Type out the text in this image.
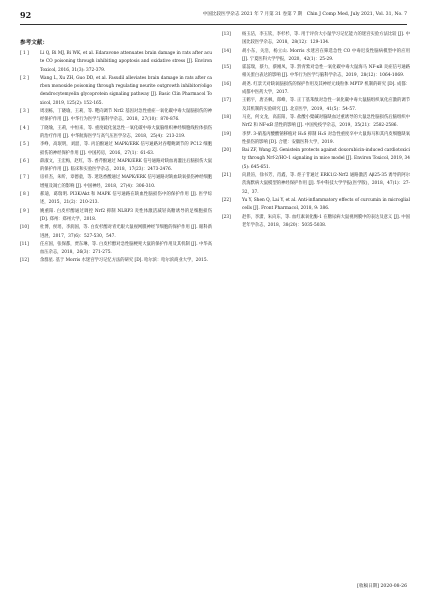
92	中国比较医学杂志 2021 年 7 月第 31 卷第 7 期　Chin J Comp Med, July 2021, Vol. 31, No. 7
参考文献：

[ 1 ]	Li Q, Bi MJ, Bi WK, et al. Edaravone attenuates brain damage in rats after acute CO poisoning through inhibiting apoptosis and oxidative stress [J]. Environ Toxicol, 2016, 31(3): 372-379.

[ 2 ]	Wang L, Xu ZH, Guo DD, et al. Fasudil alleviates brain damage in rats after carbon monoxide poisoning through regulating neurite outgrowth inhibitor/oligodendrocytemyelin glycoprotein signaling pathway [J]. Basic Clin Pharmacol Toxicol, 2019, 125(2): 152-165.

[ 3 ]	周羽栋，丁晓瑜，王莉，等. 靶向调节 Nrf2 基因对急性重症一氧化碳中毒大鼠脑损伤的神经保护作用 [J]. 中华行为医学与脑科学杂志，2018，27(10)：870-876.

[ 4 ]	丁晓瑜，王莉，中恒来，等. 重度硫化氢急性一氧化碳中毒大鼠脑组织神经细胞线粒体损伤的治疗作用 [J]. 中华航海医学与高气压医学杂志，2018，25(4)：213-219.

[ 5 ]	李峥，高珉明，刘韶，等. 丙泊酚通过 MAPK/ERK 信号通路对吞噬鲍调节的 PC12 细胞损伤的神经保护作用 [J]. 中国药房，2016，27(1)：61-63.

[ 6 ]	薛淑文，王宏梅，赵红，等. 香芹酚通过 MAPK/ERK 信号通路对缺血再灌注后脑损伤大鼠的保护作用 [J]. 临床和实验医学杂志，2018，17(23)：2473-2476.

[ 7 ]	房祥杰，朱昕，章德童，等. 迷迭香酸通过 MAPK/ERK 信号通路对缺血缺氧损伤神经细胞增殖及凋亡的影响 [J]. 中国神经，2018，27(4)：306-310.

[ 8 ]	郝迪，葛瑞明. PI3K/Akt 和 MAPK 信号通路在缺血性脑损伤中的保护作用 [J]. 医学综述，2015，21(2)：210-213.

[ 9 ]	姚重阳. 白皮杉醇通过调控 Nrf2 抑制 NLRP3 炎性体激活减轻高糖诱导的足细胞损伤 [D]. 郑州：郑州大学，2018.

[10]	杜博，侯瑶，李润国，等. 白皮杉醇对青光眼大鼠视网膜神经节细胞的保护作用 [J]. 眼科新进展，2017，37(6)：527-530，547.

[11]	任应国，张保都，贾东琳，等. 白皮杉醇对急性脑梗死大鼠的保护作用及其机制 [J]. 中华高血压杂志，2018，26(3)：271-275.

[12]	余群星. 基于 Morris 水迷宫学习记忆方法的研究 [D]. 哈尔滨：哈尔滨商业大学，2015.

[13]	杨玉洁，李玉钦，李杉杉，等. 用于评价大小鼠学习记忆能力的迷宫实验方法比较 [J]. 中国比较医学杂志，2018，28(12)：129-134.

[14]	胡小东，关浩，杨立山. Morris 水迷宫在筛选急性 CO 中毒迟发性脑病模型中的应用 [J]. 宁夏医科大学学报，2020，42(1)：25-29.

[15]	霍蕊瑞，蔡力，蔡刚凤，等. 黔青紫对急性一氧化碳中毒大鼠海马 NF-κB 炎症信号通路相关蛋白表达的影响 [J]. 中华行为医学与脑科学杂志，2019，28(12)：1064-1069.

[16]	胡尧. 红景天对缺氧脑损伤的保护作用及其神经元线粒体 MPTP 机制的研究 [D]. 成都：成都中医药大学，2017.

[17]	王鹤宇，唐圣枫，郑峰，等. 正丁基苯酞对急性一氧化碳中毒大鼠脑组织氧化应激的调节及其机制的实验研究 [J]. 北京医学，2019，41(5)：54-57.

[18]	马克，何文龙，高雷阳，等. 盐酸小檗碱对脑缺血过重诱导的大鼠急性脑损伤后脑组织中 Nrf2 和 NF-κB 活性的影响 [J]. 中国免疫学杂志，2019，35(21)：2582-2586.

[19]	李梦. 3-硝基丙酸酸钠移植对 H₂S 抑制 H₂S 对急性重度卒中大鼠海马和其内皮细胞缺氧性损伤的影响 [D]. 合肥：安徽医科大学，2019.

[20]	Bai ZF, Wang ZJ. Genistein protects against doxorubicin-induced cardiotoxicity through Nrf-2/HO-1 signaling in mice model [J]. Environ Toxicol, 2019, 34(5): 645-651.

[21]	向晨渲，徐书芳，肖鑫，等. 炬子苷通过 ERK1/2-Nrf2 通路激活 Aβ25-35 诱导的阿尔茨海默病大鼠模型的神经保护作用 [J]. 华中科技大学学报(医学版)，2018，47(1)：27-32，37.

[22]	Yu Y, Shen Q, Lai Y, et al. Anti-inflammatory effects of curcumin in microglial cells [J]. Front Pharmacol, 2018, 9: 386.

[23]	赵伟，李潇，朱向东，等. 血红素氧化酶-1 在糖尿病大鼠视网膜中的表达及意义 [J]. 中国老年学杂志，2018，38(20)：5035-5038.

[收稿日期] 2020-08-26
